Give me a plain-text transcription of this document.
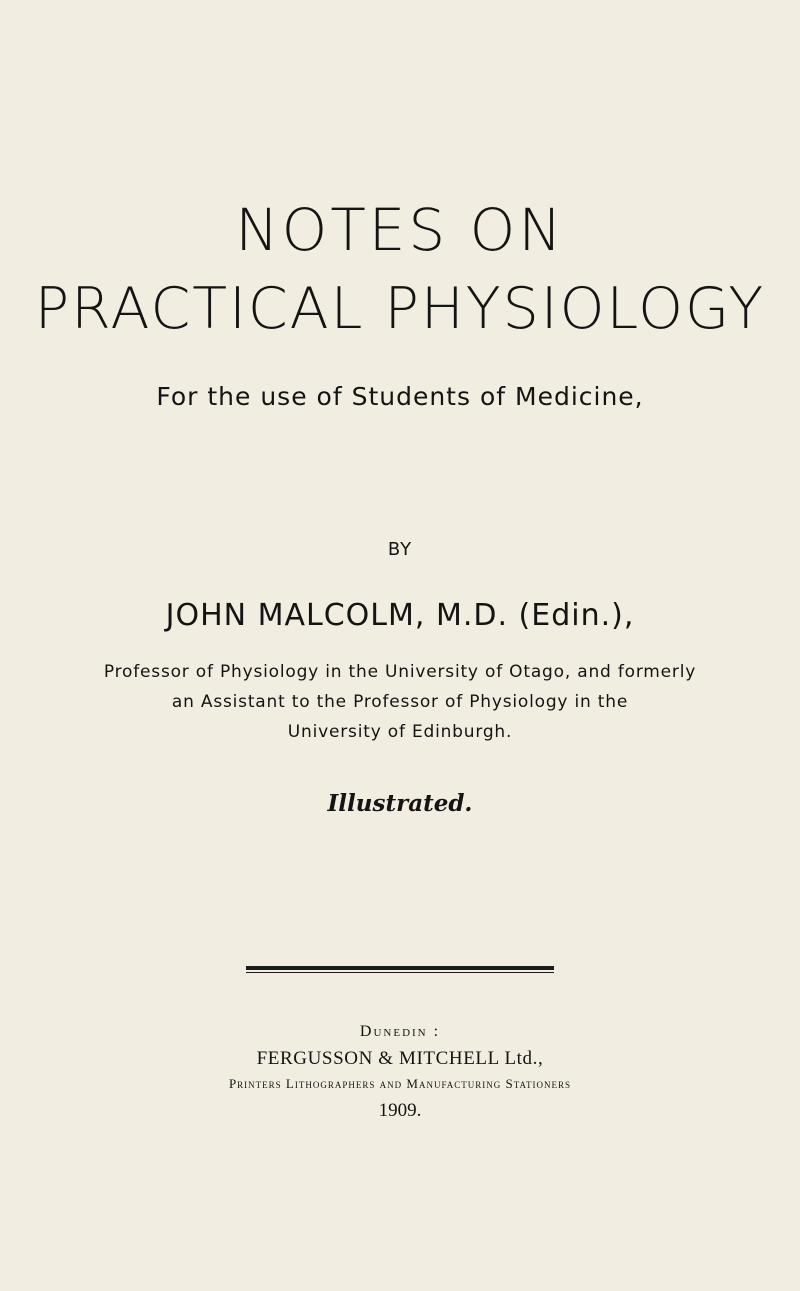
NOTES ON
PRACTICAL PHYSIOLOGY
For the use of Students of Medicine,
BY
JOHN MALCOLM, M.D. (Edin.),
Professor of Physiology in the University of Otago, and formerly
an Assistant to the Professor of Physiology in the
University of Edinburgh.
Illustrated.
Dunedin :
FERGUSSON & MITCHELL Ltd.,
Printers Lithographers and Manufacturing Stationers
1909.
